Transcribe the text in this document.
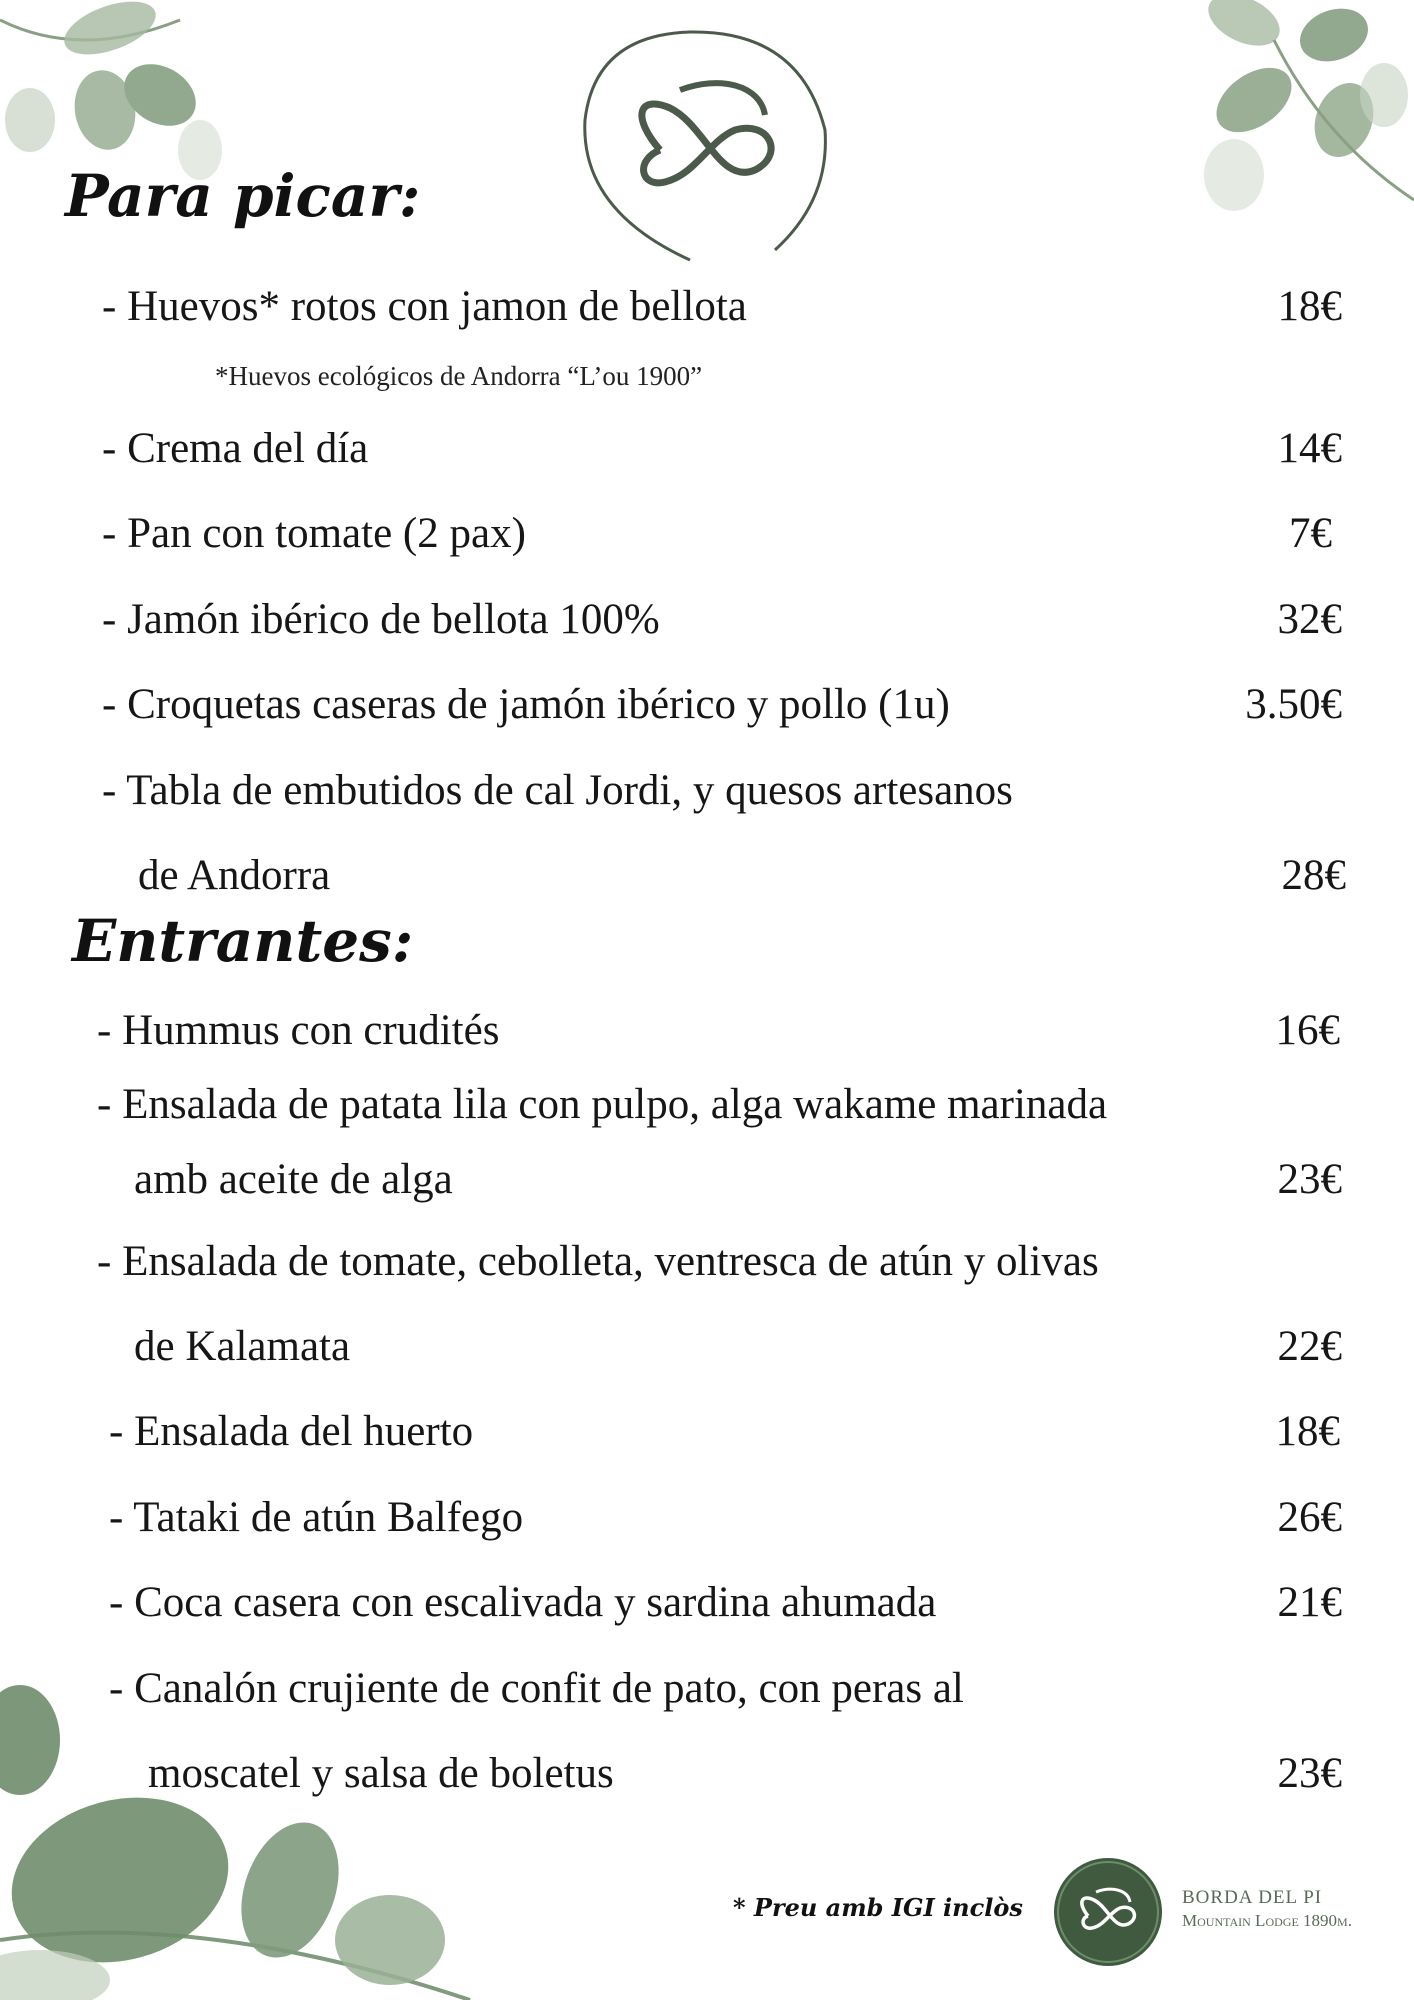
Para picar:
Entrantes:
- Huevos* rotos con jamon de bellota	18€
*Huevos ecológicos de Andorra “L’ou 1900”
- Crema del día	14€
- Pan con tomate (2 pax)	7€
- Jamón ibérico de bellota 100%	32€
- Croquetas caseras de jamón ibérico y pollo (1u)	3.50€
- Tabla de embutidos de cal Jordi, y quesos artesanos
de Andorra	28€
- Hummus con crudités	16€
- Ensalada de patata lila con pulpo, alga wakame marinada
amb aceite de alga	23€
- Ensalada de tomate, cebolleta, ventresca de atún y olivas
de Kalamata	22€
- Ensalada del huerto	18€
- Tataki de atún Balfego	26€
- Coca casera con escalivada y sardina ahumada	21€
- Canalón crujiente de confit de pato, con peras al
moscatel y salsa de boletus	23€
* Preu amb IGI inclòs	BORDA DEL PI
Mountain Lodge 1890m.
